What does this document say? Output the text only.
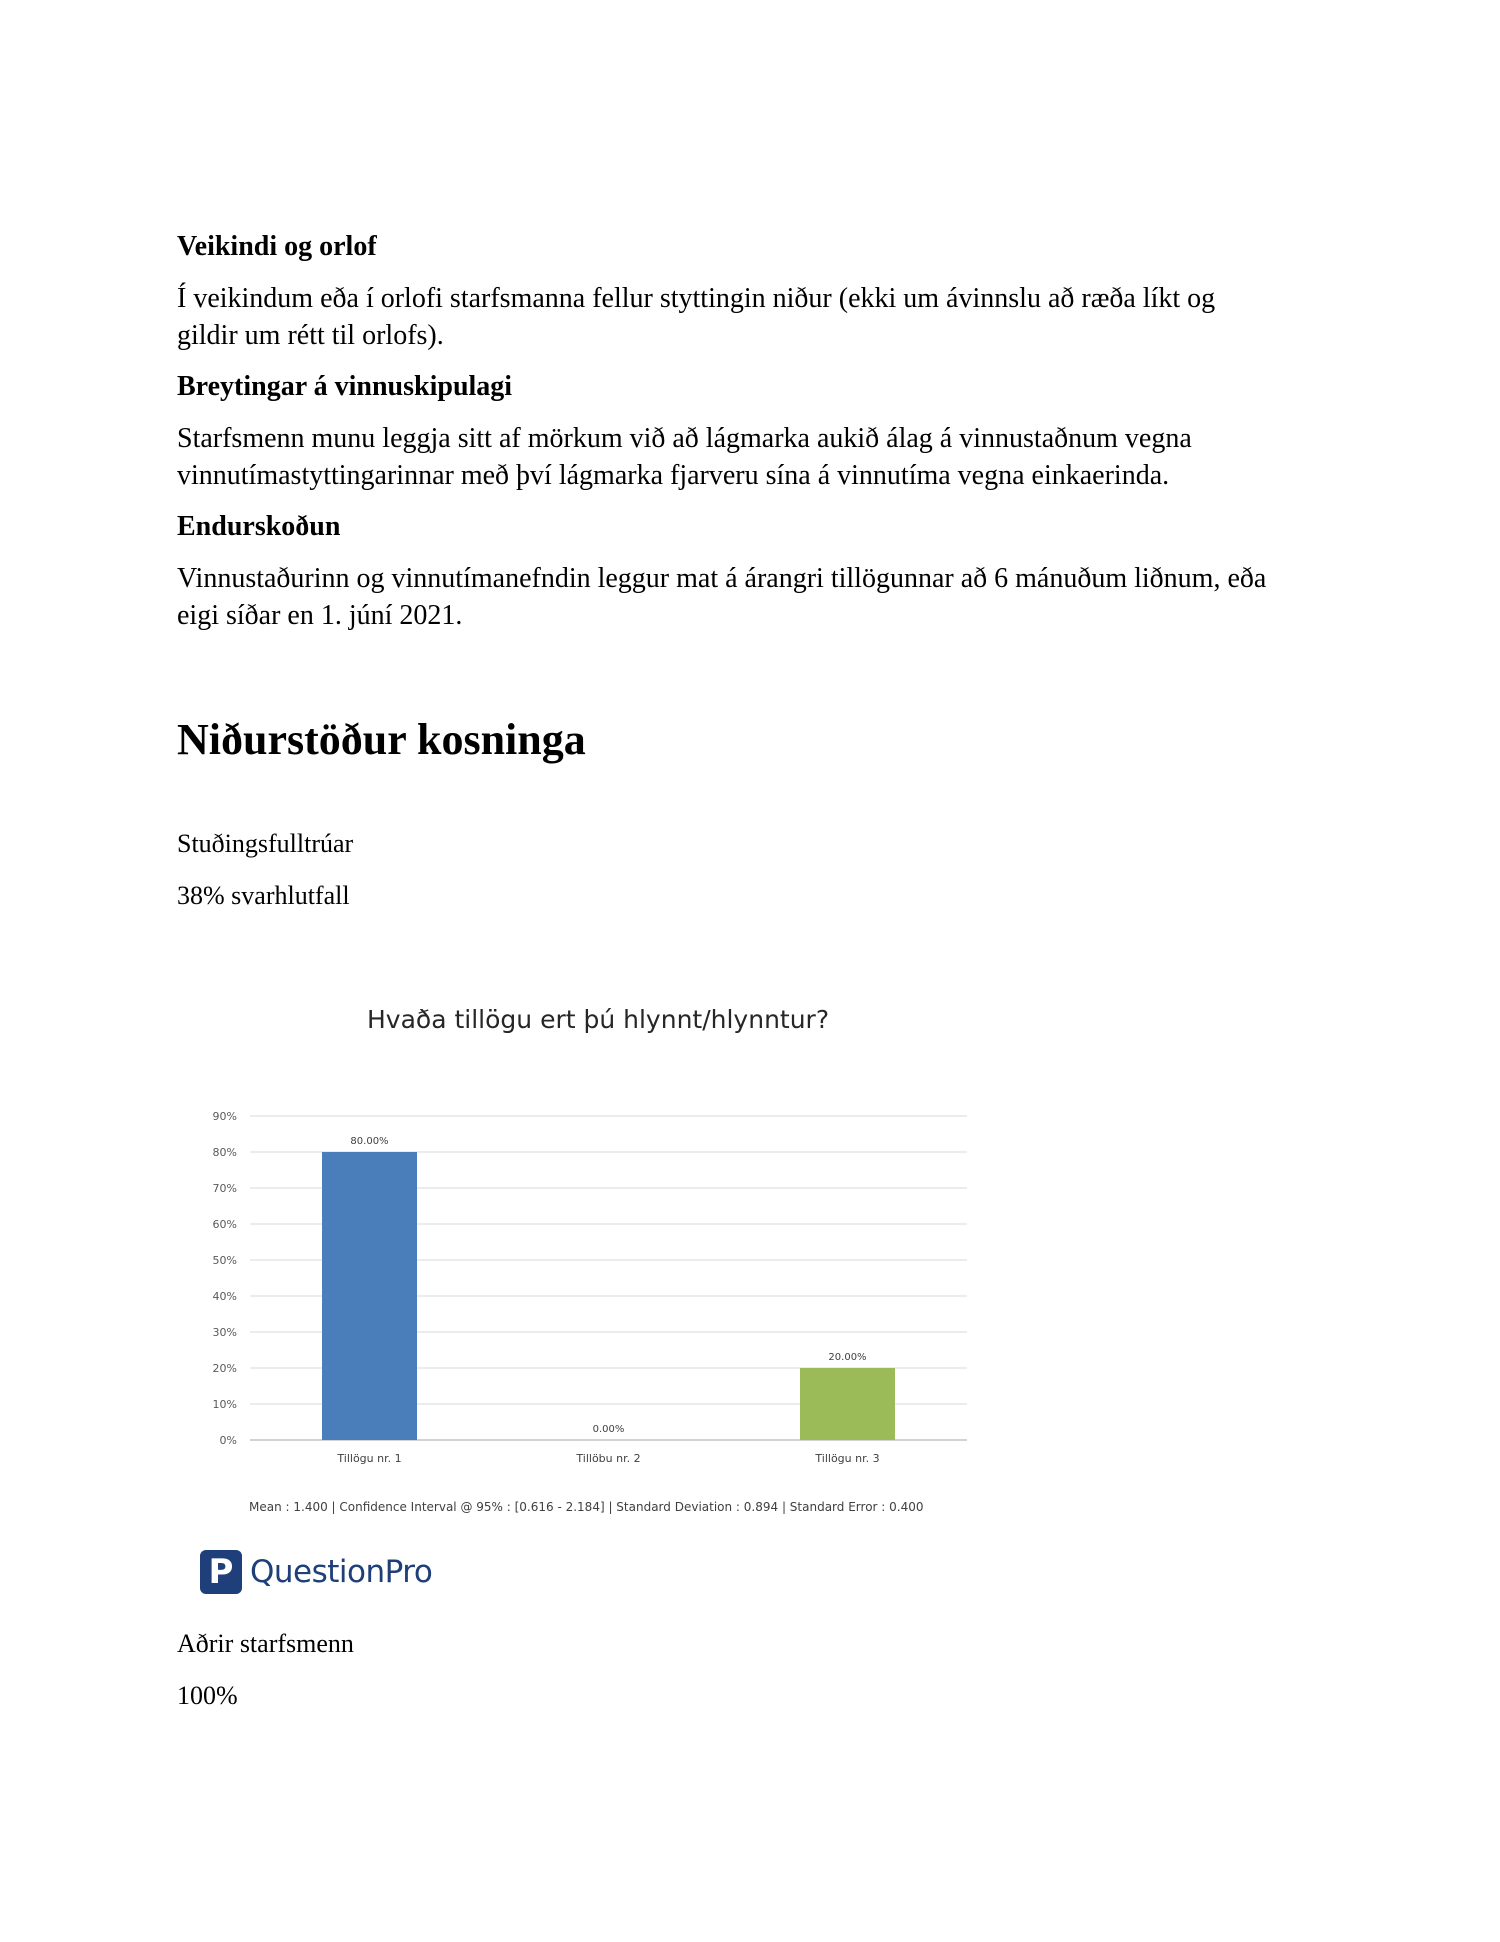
Veikindi og orlof
Í veikindum eða í orlofi starfsmanna fellur styttingin niður (ekki um ávinnslu að ræða líkt og
gildir um rétt til orlofs).
Breytingar á vinnuskipulagi
Starfsmenn munu leggja sitt af mörkum við að lágmarka aukið álag á vinnustaðnum vegna
vinnutímastyttingarinnar með því lágmarka fjarveru sína á vinnutíma vegna einkaerinda.
Endurskoðun
Vinnustaðurinn og vinnutímanefndin leggur mat á árangri tillögunnar að 6 mánuðum liðnum, eða
eigi síðar en 1. júní 2021.
Niðurstöður kosninga
Stuðingsfulltrúar
38% svarhlutfall
Hvaða tillögu ert þú hlynnt/hlynntur?
0%
10%
20%
30%
40%
50%
60%
70%
80%
90%
80.00%
Tillögu nr. 1
0.00%
Tillöbu nr. 2
20.00%
Tillögu nr. 3
Mean : 1.400 | Confidence Interval @ 95% : [0.616 - 2.184] | Standard Deviation : 0.894 | Standard Error : 0.400
P QuestionPro
Aðrir starfsmenn
100%
